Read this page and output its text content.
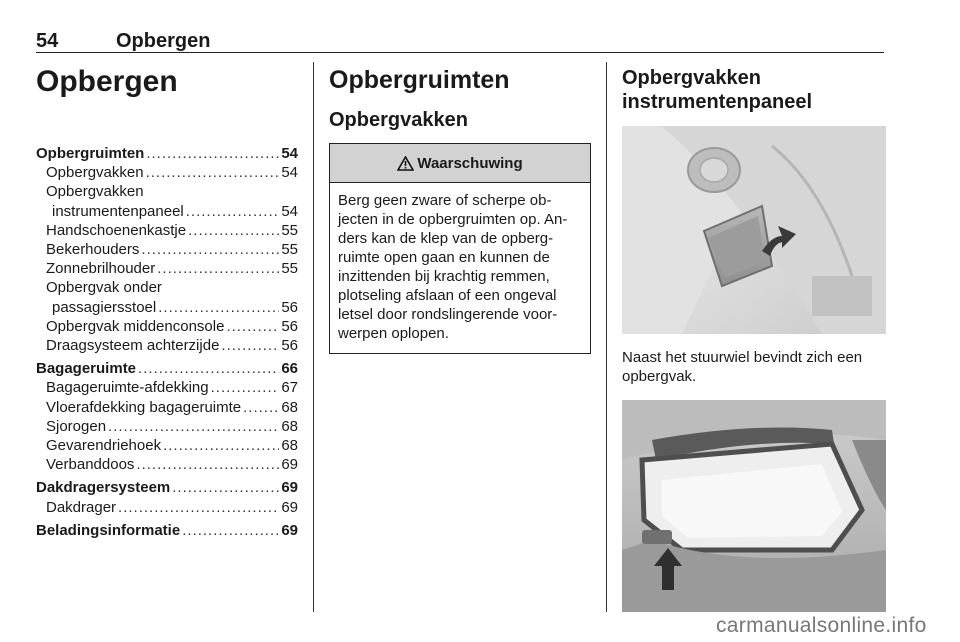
54	Opbergen
Opbergen
Opbergruimten .....	54
Opbergvakken .....	54
Opbergvakken
instrumentenpaneel .....	54
Handschoenenkastje .....	55
Bekerhouders .....	55
Zonnebrilhouder .....	55
Opbergvak onder
passagiersstoel .....	56
Opbergvak middenconsole .....	56
Draagsysteem achterzijde .....	56
Bagageruimte .....	66
Bagageruimte-afdekking .....	67
Vloerafdekking bagageruimte .....	68
Sjorogen .....	68
Gevarendriehoek .....	68
Verbanddoos .....	69
Dakdragersysteem .....	69
Dakdrager .....	69
Beladingsinformatie .....	69
Opbergruimten
Opbergvakken
Waarschuwing
Berg geen zware of scherpe ob-
jecten in de opbergruimten op. An-
ders kan de klep van de opberg-
ruimte open gaan en kunnen de
inzittenden bij krachtig remmen,
plotseling afslaan of een ongeval
letsel door rondslingerende voor-
werpen oplopen.
Opbergvakken
instrumentenpaneel
Naast het stuurwiel bevindt zich een
opbergvak.
carmanualsonline.info
